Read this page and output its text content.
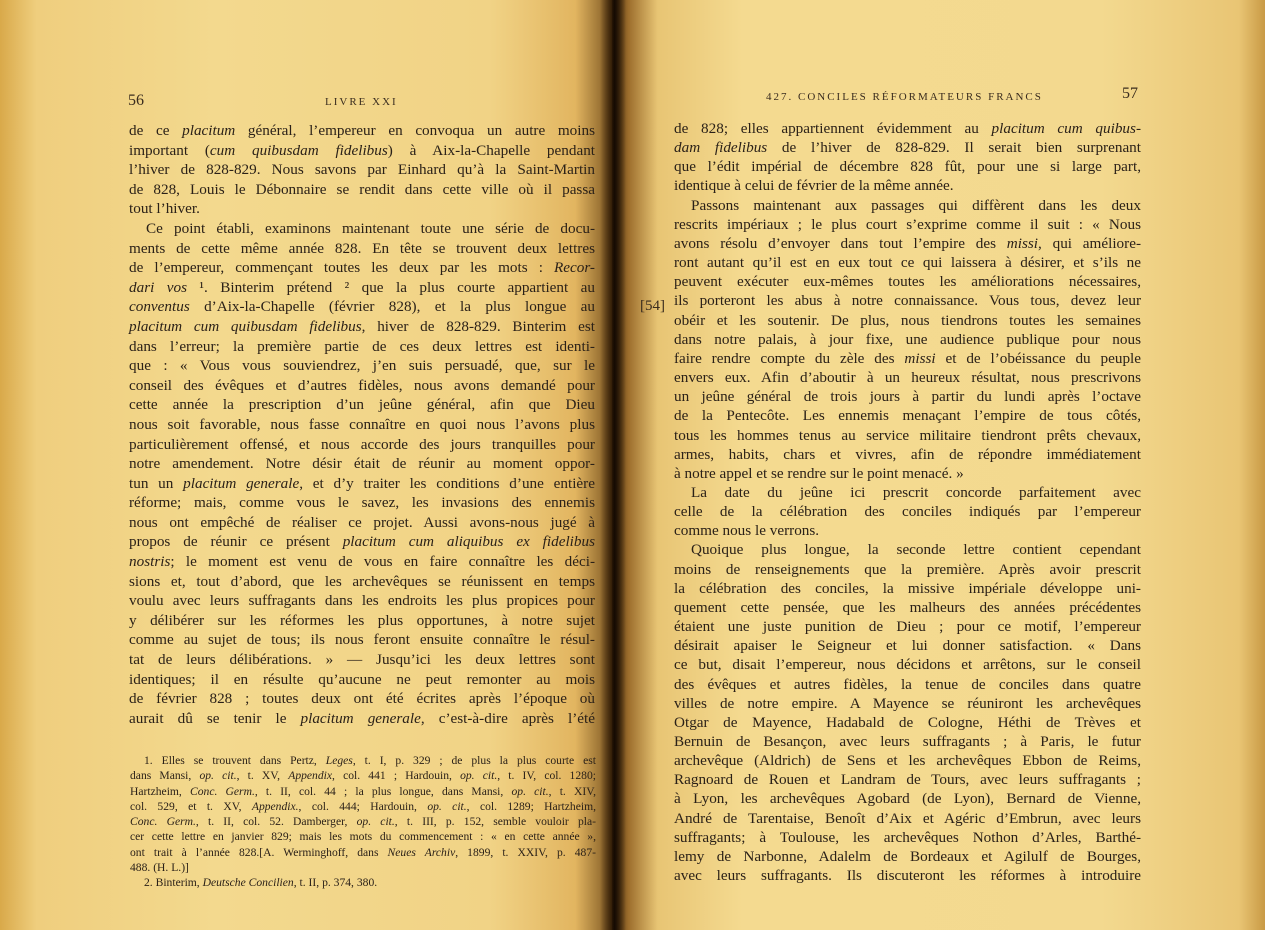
56	LIVRE XXI
de ce placitum général, l’empereur en convoqua un autre moins
important (cum quibusdam fidelibus) à Aix-la-Chapelle pendant
l’hiver de 828-829. Nous savons par Einhard qu’à la Saint-Martin
de 828, Louis le Débonnaire se rendit dans cette ville où il passa
tout l’hiver.
Ce point établi, examinons maintenant toute une série de docu-
ments de cette même année 828. En tête se trouvent deux lettres
de l’empereur, commençant toutes les deux par les mots : Recor-
dari vos ¹. Binterim prétend ² que la plus courte appartient au
conventus d’Aix-la-Chapelle (février 828), et la plus longue au
placitum cum quibusdam fidelibus, hiver de 828-829. Binterim est
dans l’erreur; la première partie de ces deux lettres est identi-
que : « Vous vous souviendrez, j’en suis persuadé, que, sur le
conseil des évêques et d’autres fidèles, nous avons demandé pour
cette année la prescription d’un jeûne général, afin que Dieu
nous soit favorable, nous fasse connaître en quoi nous l’avons plus
particulièrement offensé, et nous accorde des jours tranquilles pour
notre amendement. Notre désir était de réunir au moment oppor-
tun un placitum generale, et d’y traiter les conditions d’une entière
réforme; mais, comme vous le savez, les invasions des ennemis
nous ont empêché de réaliser ce projet. Aussi avons-nous jugé à
propos de réunir ce présent placitum cum aliquibus ex fidelibus
nostris; le moment est venu de vous en faire connaître les déci-
sions et, tout d’abord, que les archevêques se réunissent en temps
voulu avec leurs suffragants dans les endroits les plus propices pour
y délibérer sur les réformes les plus opportunes, à notre sujet
comme au sujet de tous; ils nous feront ensuite connaître le résul-
tat de leurs délibérations. » — Jusqu’ici les deux lettres sont
identiques; il en résulte qu’aucune ne peut remonter au mois
de février 828 ; toutes deux ont été écrites après l’époque où
aurait dû se tenir le placitum generale, c’est-à-dire après l’été
1. Elles se trouvent dans Pertz, Leges, t. I, p. 329 ; de plus la plus courte est
dans Mansi, op. cit., t. XV, Appendix, col. 441 ; Hardouin, op. cit., t. IV, col. 1280;
Hartzheim, Conc. Germ., t. II, col. 44 ; la plus longue, dans Mansi, op. cit., t. XIV,
col. 529, et t. XV, Appendix., col. 444; Hardouin, op. cit., col. 1289; Hartzheim,
Conc. Germ., t. II, col. 52. Damberger, op. cit., t. III, p. 152, semble vouloir pla-
cer cette lettre en janvier 829; mais les mots du commencement : « en cette année »,
ont trait à l’année 828.[A. Werminghoff, dans Neues Archiv, 1899, t. XXIV, p. 487-
488. (H. L.)]
2. Binterim, Deutsche Concilien, t. II, p. 374, 380.
427. CONCILES RÉFORMATEURS FRANCS	57
[54]
de 828; elles appartiennent évidemment au placitum cum quibus-
dam fidelibus de l’hiver de 828-829. Il serait bien surprenant
que l’édit impérial de décembre 828 fût, pour une si large part,
identique à celui de février de la même année.
Passons maintenant aux passages qui diffèrent dans les deux
rescrits impériaux ; le plus court s’exprime comme il suit : « Nous
avons résolu d’envoyer dans tout l’empire des missi, qui améliore-
ront autant qu’il est en eux tout ce qui laissera à désirer, et s’ils ne
peuvent exécuter eux-mêmes toutes les améliorations nécessaires,
ils porteront les abus à notre connaissance. Vous tous, devez leur
obéir et les soutenir. De plus, nous tiendrons toutes les semaines
dans notre palais, à jour fixe, une audience publique pour nous
faire rendre compte du zèle des missi et de l’obéissance du peuple
envers eux. Afin d’aboutir à un heureux résultat, nous prescrivons
un jeûne général de trois jours à partir du lundi après l’octave
de la Pentecôte. Les ennemis menaçant l’empire de tous côtés,
tous les hommes tenus au service militaire tiendront prêts chevaux,
armes, habits, chars et vivres, afin de répondre immédiatement
à notre appel et se rendre sur le point menacé. »
La date du jeûne ici prescrit concorde parfaitement avec
celle de la célébration des conciles indiqués par l’empereur
comme nous le verrons.
Quoique plus longue, la seconde lettre contient cependant
moins de renseignements que la première. Après avoir prescrit
la célébration des conciles, la missive impériale développe uni-
quement cette pensée, que les malheurs des années précédentes
étaient une juste punition de Dieu ; pour ce motif, l’empereur
désirait apaiser le Seigneur et lui donner satisfaction. « Dans
ce but, disait l’empereur, nous décidons et arrêtons, sur le conseil
des évêques et autres fidèles, la tenue de conciles dans quatre
villes de notre empire. A Mayence se réuniront les archevêques
Otgar de Mayence, Hadabald de Cologne, Héthi de Trèves et
Bernuin de Besançon, avec leurs suffragants ; à Paris, le futur
archevêque (Aldrich) de Sens et les archevêques Ebbon de Reims,
Ragnoard de Rouen et Landram de Tours, avec leurs suffragants ;
à Lyon, les archevêques Agobard (de Lyon), Bernard de Vienne,
André de Tarentaise, Benoît d’Aix et Agéric d’Embrun, avec leurs
suffragants; à Toulouse, les archevêques Nothon d’Arles, Barthé-
lemy de Narbonne, Adalelm de Bordeaux et Agilulf de Bourges,
avec leurs suffragants. Ils discuteront les réformes à introduire
